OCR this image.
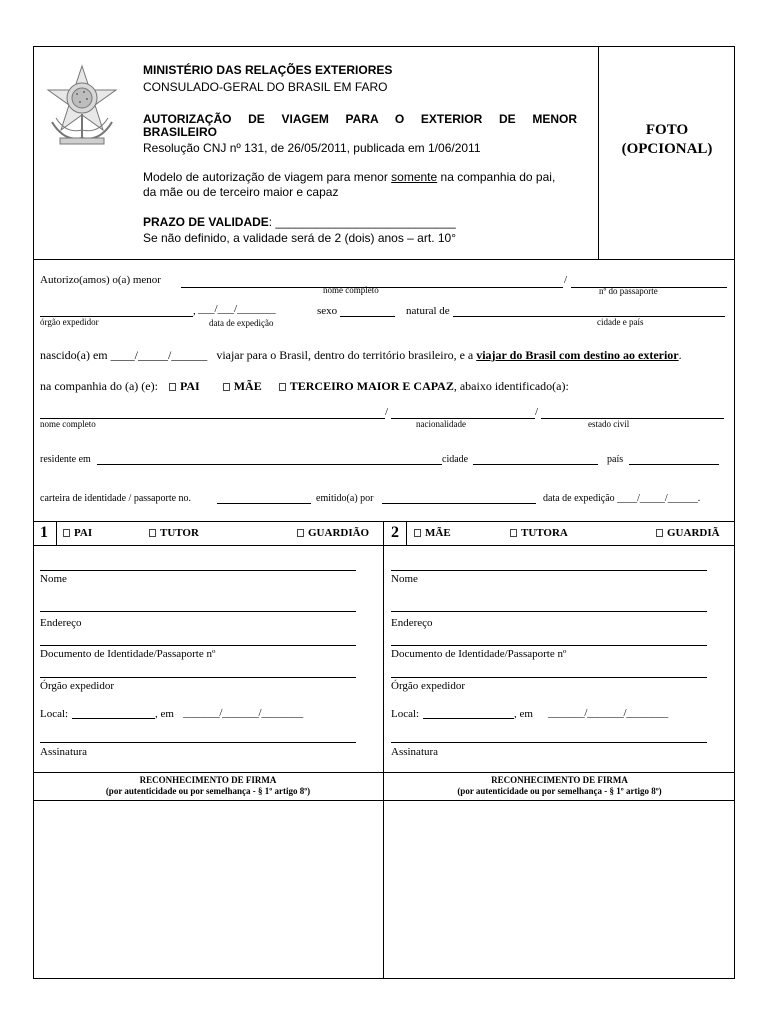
MINISTÉRIO DAS RELAÇÕES EXTERIORES
CONSULADO-GERAL DO BRASIL EM FARO
AUTORIZAÇÃO DE VIAGEM PARA O EXTERIOR DE MENOR
BRASILEIRO
Resolução CNJ nº 131, de 26/05/2011, publicada em 1/06/2011
Modelo de autorização de viagem para menor somente na companhia do pai,
da mãe ou de terceiro maior e capaz
PRAZO DE VALIDADE: ___________________________
Se não definido, a validade será de 2 (dois) anos – art. 10°
FOTO
(OPCIONAL)
Autorizo(amos) o(a) menor	/
nome completo	nº do passaporte
, ___/___/_______	sexo	natural de
órgão expedidor	data de expedição	cidade e país
nascido(a) em ____/_____/______ viajar para o Brasil, dentro do território brasileiro, e a viajar do Brasil com destino ao exterior.
na companhia do (a) (e): PAI	MÃE TERCEIRO MAIOR E CAPAZ, abaixo identificado(a):
/	/
nome completo	nacionalidade	estado civil
residente em	cidade	país
carteira de identidade / passaporte no.	emitido(a) por	data de expedição ____/_____/______.
1	PAI	TUTOR	GUARDIÃO 2	MÃE	TUTORA	GUARDIÃ
Nome
Endereço
Documento de Identidade/Passaporte nº
Órgão expedidor
Local:	, em _______/_______/________
Assinatura
Nome
Endereço
Documento de Identidade/Passaporte nº
Órgão expedidor
Local:	, em _______/_______/________
Assinatura
RECONHECIMENTO DE FIRMA
(por autenticidade ou por semelhança - § 1º artigo 8º)
RECONHECIMENTO DE FIRMA
(por autenticidade ou por semelhança - § 1º artigo 8º)
